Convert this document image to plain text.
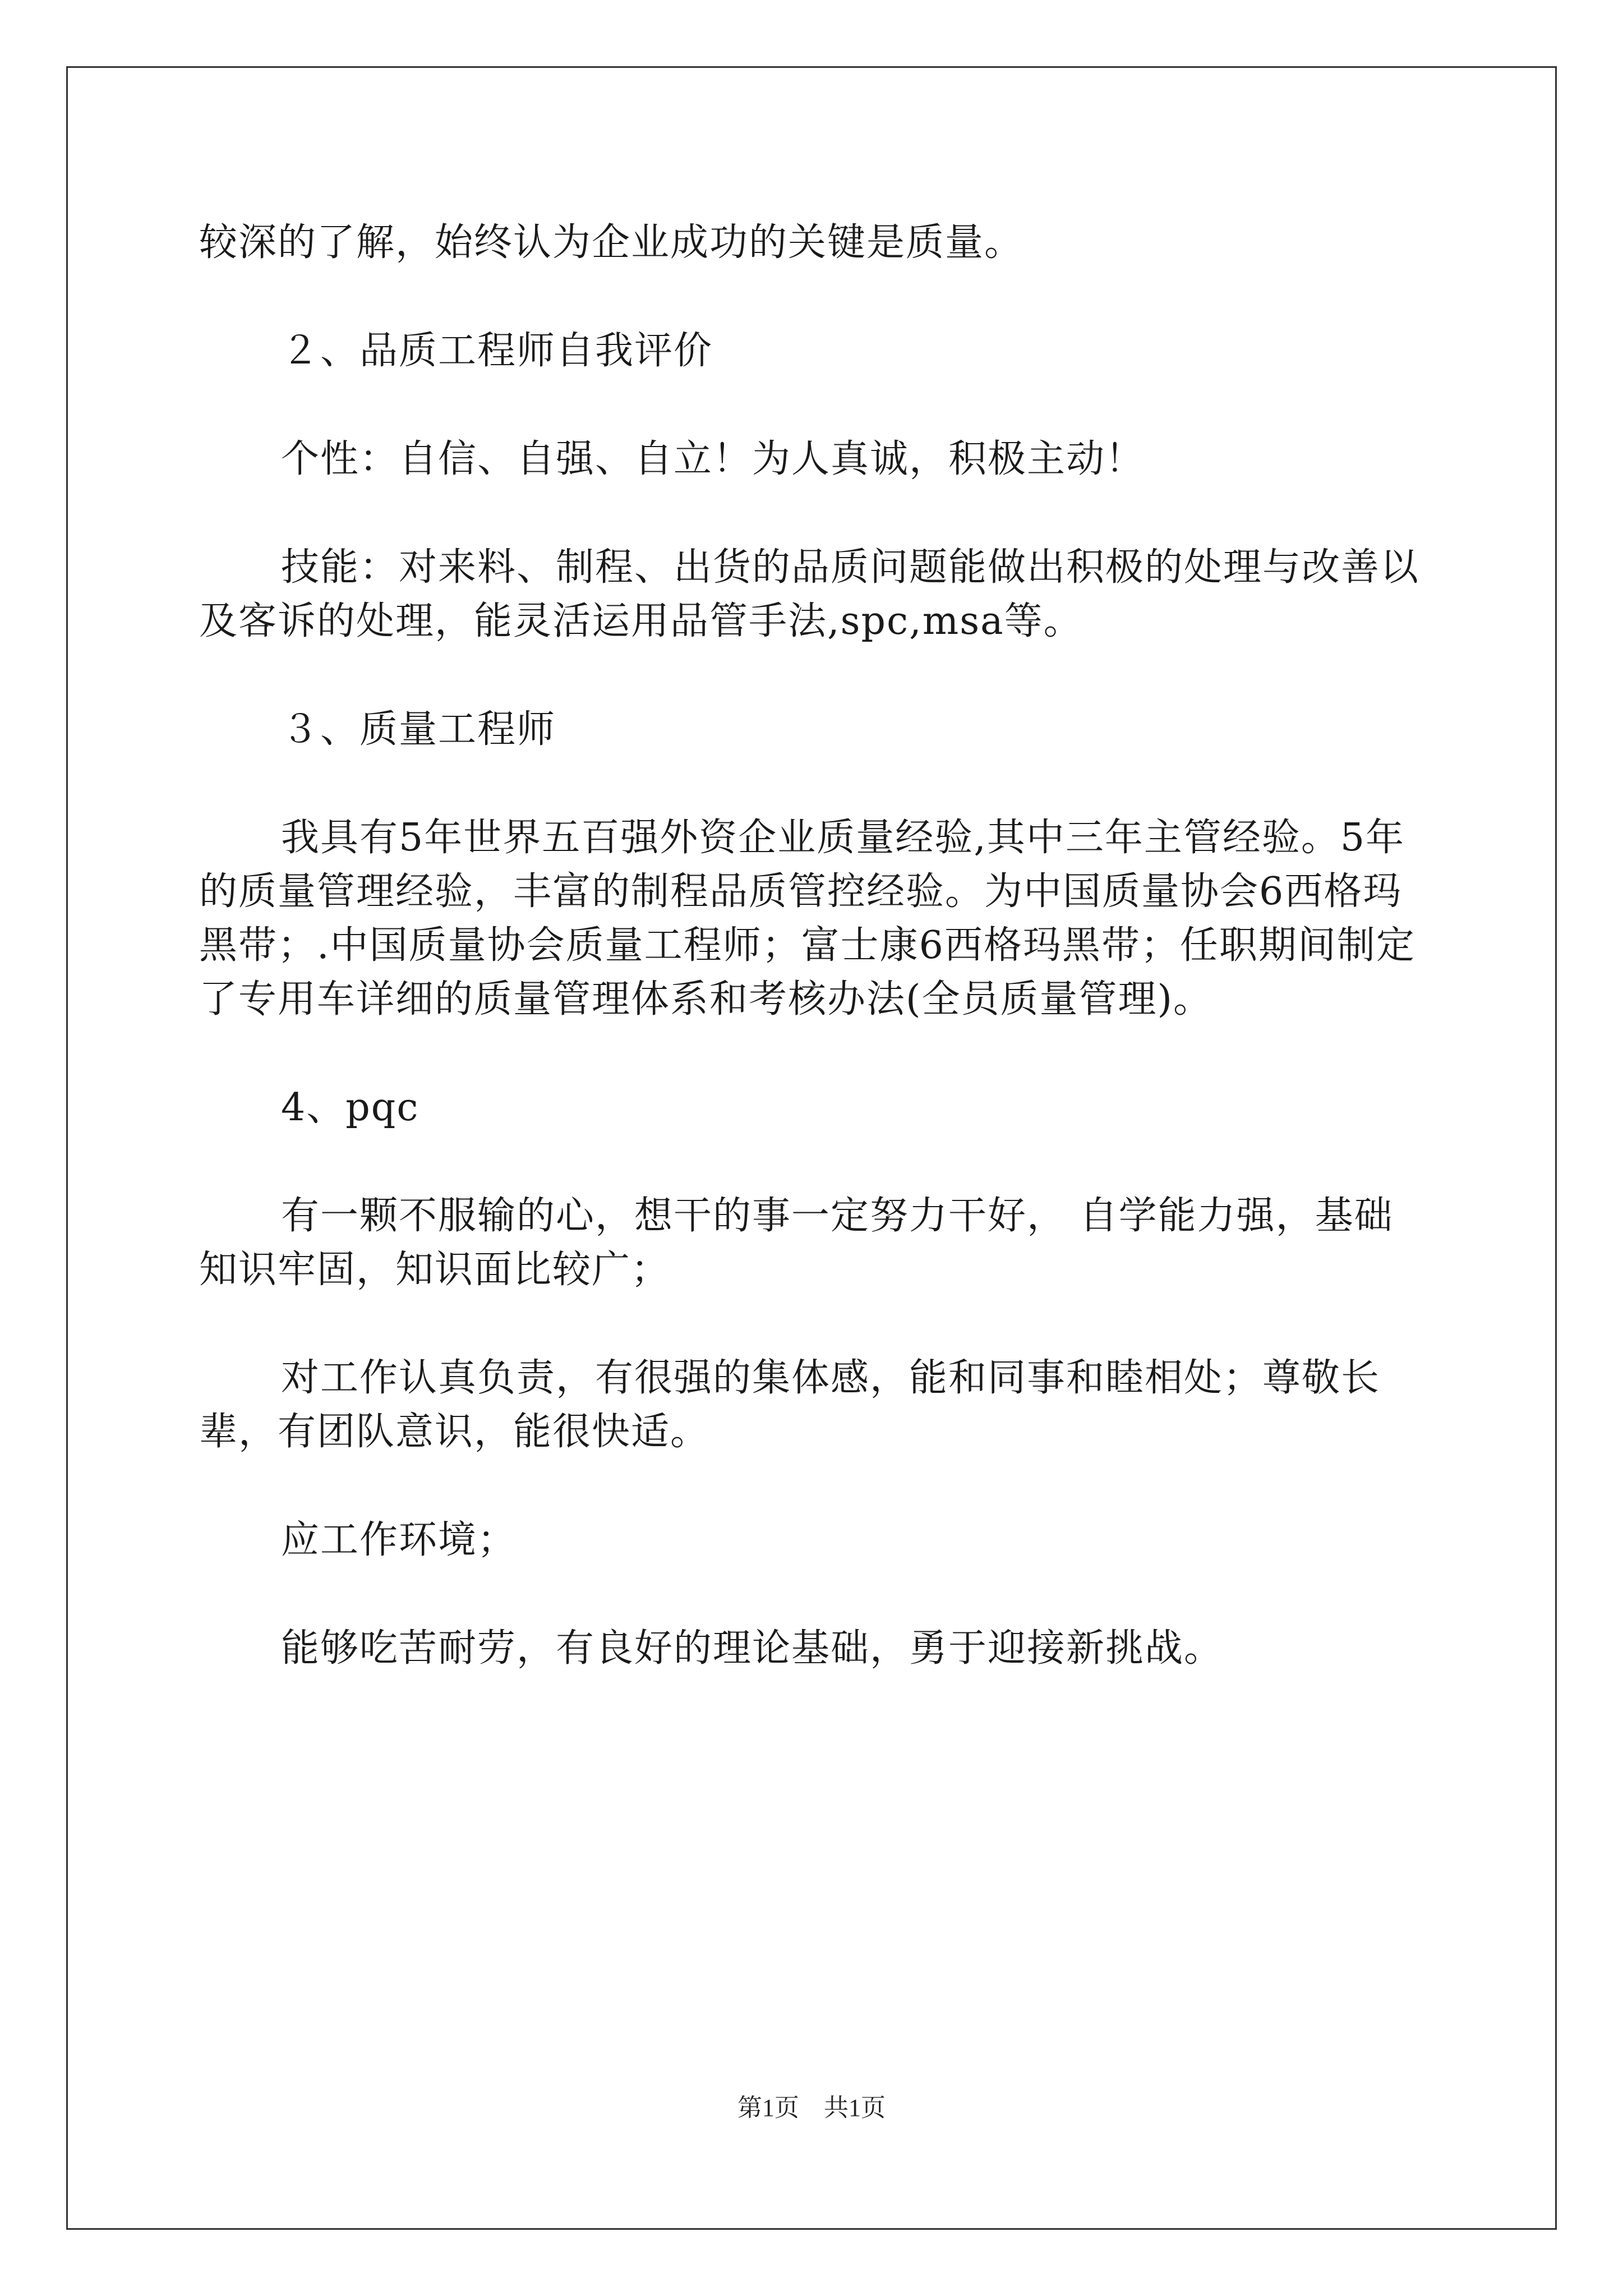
较深的了解，始终认为企业成功的关键是质量。

２、品质工程师自我评价

个性：自信、自强、自立！为人真诚，积极主动！

技能：对来料、制程、出货的品质问题能做出积极的处理与改善以及客诉的处理，能灵活运用品管手法,spc,msa等。

３、质量工程师

我具有5年世界五百强外资企业质量经验,其中三年主管经验。5年的质量管理经验，丰富的制程品质管控经验。为中国质量协会6西格玛黑带；.中国质量协会质量工程师；富士康6西格玛黑带；任职期间制定了专用车详细的质量管理体系和考核办法(全员质量管理)。

4、pqc

有一颗不服输的心，想干的事一定努力干好， 自学能力强，基础知识牢固，知识面比较广；

对工作认真负责，有很强的集体感，能和同事和睦相处；尊敬长辈，有团队意识，能很快适。

应工作环境；

能够吃苦耐劳，有良好的理论基础，勇于迎接新挑战。

第1页　共1页
